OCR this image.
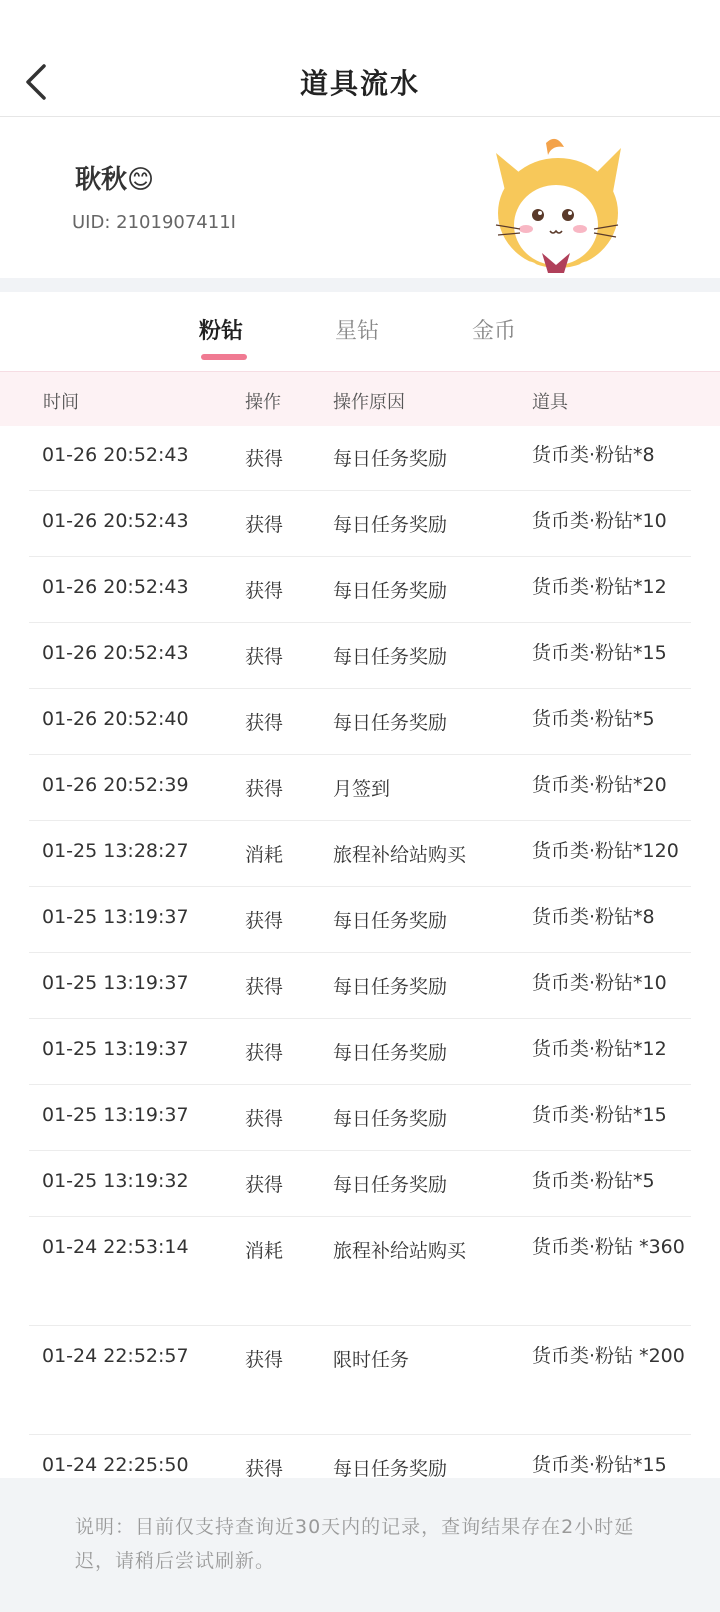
道具流水
耿秋😊
UID: 2101907411I
粉钻	星钻	金币
时间	操作	操作原因	道具
01-26 20:52:43	获得	每日任务奖励	货币类·粉钻*8
01-26 20:52:43	获得	每日任务奖励	货币类·粉钻*10
01-26 20:52:43	获得	每日任务奖励	货币类·粉钻*12
01-26 20:52:43	获得	每日任务奖励	货币类·粉钻*15
01-26 20:52:40	获得	每日任务奖励	货币类·粉钻*5
01-26 20:52:39	获得	月签到	货币类·粉钻*20
01-25 13:28:27	消耗	旅程补给站购买	货币类·粉钻*120
01-25 13:19:37	获得	每日任务奖励	货币类·粉钻*8
01-25 13:19:37	获得	每日任务奖励	货币类·粉钻*10
01-25 13:19:37	获得	每日任务奖励	货币类·粉钻*12
01-25 13:19:37	获得	每日任务奖励	货币类·粉钻*15
01-25 13:19:32	获得	每日任务奖励	货币类·粉钻*5
01-24 22:53:14	消耗	旅程补给站购买	货币类·粉钻 *360
01-24 22:52:57	获得	限时任务	货币类·粉钻 *200
01-24 22:25:50	获得	每日任务奖励	货币类·粉钻*15
说明：目前仅支持查询近30天内的记录，查询结果存在2小时延迟，请稍后尝试刷新。
